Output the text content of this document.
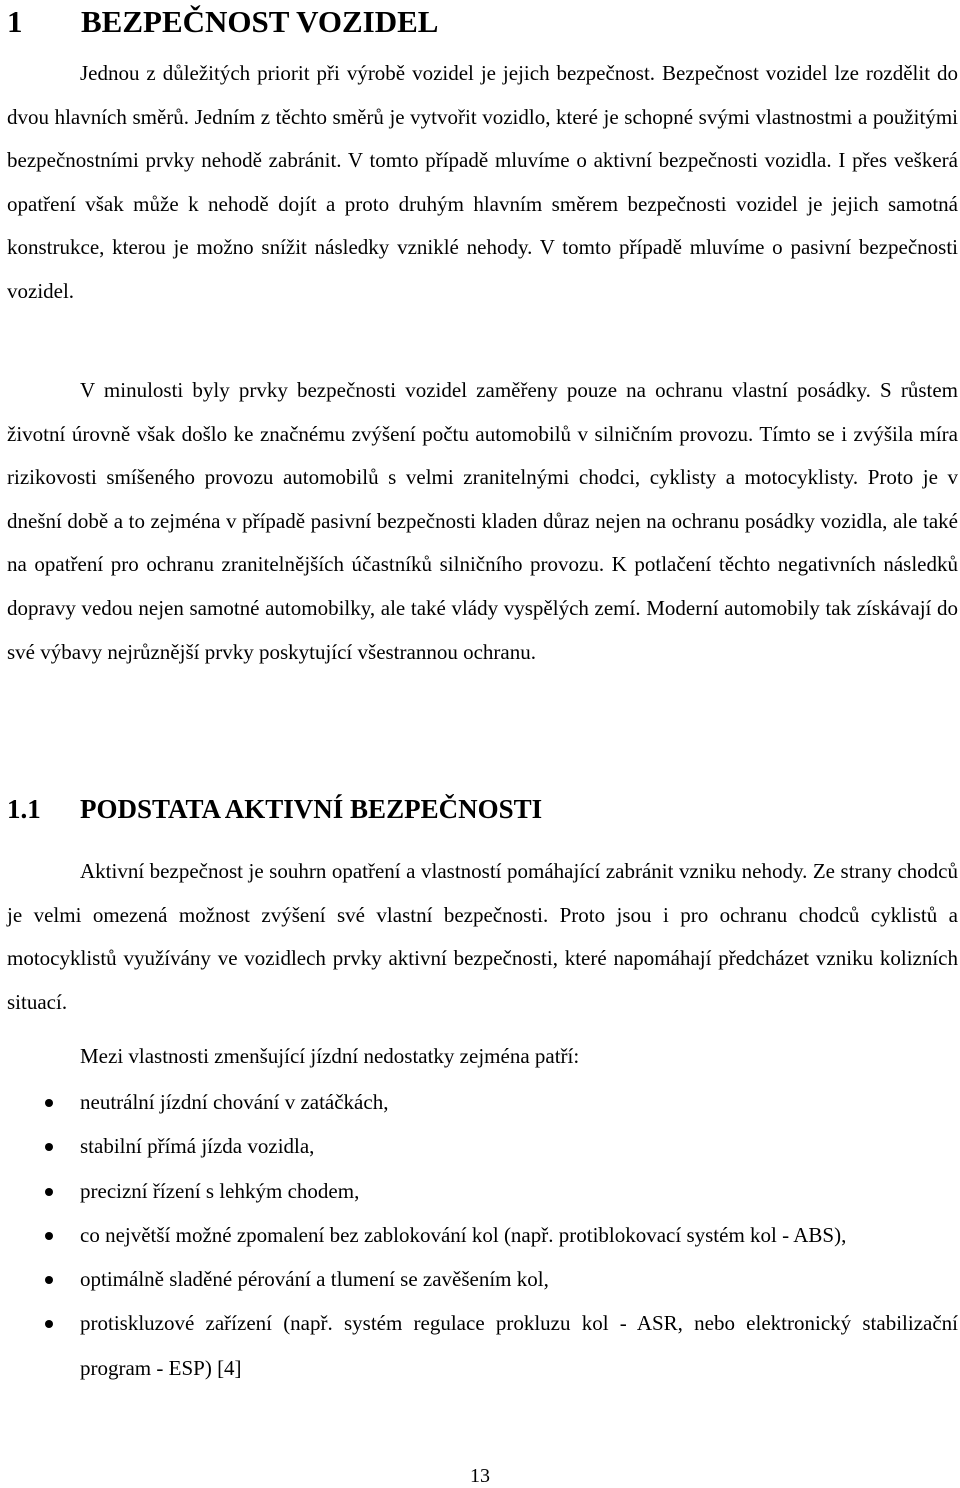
1 BEZPEČNOST VOZIDEL

Jednou z důležitých priorit při výrobě vozidel je jejich bezpečnost. Bezpečnost vozidel lze rozdělit do dvou hlavních směrů. Jedním z těchto směrů je vytvořit vozidlo, které je schopné svými vlastnostmi a použitými bezpečnostními prvky nehodě zabránit. V tomto případě mluvíme o aktivní bezpečnosti vozidla. I přes veškerá opatření však může k nehodě dojít a proto druhým hlavním směrem bezpečnosti vozidel je jejich samotná konstrukce, kterou je možno snížit následky vzniklé nehody. V tomto případě mluvíme o pasivní bezpečnosti vozidel.

V minulosti byly prvky bezpečnosti vozidel zaměřeny pouze na ochranu vlastní posádky. S růstem životní úrovně však došlo ke značnému zvýšení počtu automobilů v silničním provozu. Tímto se i zvýšila míra rizikovosti smíšeného provozu automobilů s velmi zranitelnými chodci, cyklisty a motocyklisty. Proto je v dnešní době a to zejména v případě pasivní bezpečnosti kladen důraz nejen na ochranu posádky vozidla, ale také na opatření pro ochranu zranitelnějších účastníků silničního provozu. K potlačení těchto negativních následků dopravy vedou nejen samotné automobilky, ale také vlády vyspělých zemí. Moderní automobily tak získávají do své výbavy nejrůznější prvky poskytující všestrannou ochranu.

1.1 PODSTATA AKTIVNÍ BEZPEČNOSTI

Aktivní bezpečnost je souhrn opatření a vlastností pomáhající zabránit vzniku nehody. Ze strany chodců je velmi omezená možnost zvýšení své vlastní bezpečnosti. Proto jsou i pro ochranu chodců cyklistů a motocyklistů využívány ve vozidlech prvky aktivní bezpečnosti, které napomáhají předcházet vzniku kolizních situací.

Mezi vlastnosti zmenšující jízdní nedostatky zejména patří:

neutrální jízdní chování v zatáčkách,
stabilní přímá jízda vozidla,
precizní řízení s lehkým chodem,
co největší možné zpomalení bez zablokování kol (např. protiblokovací systém kol - ABS),
optimálně sladěné pérování a tlumení se zavěšením kol,
protiskluzové zařízení (např. systém regulace prokluzu kol - ASR, nebo elektronický stabilizační program - ESP) [4]

13
